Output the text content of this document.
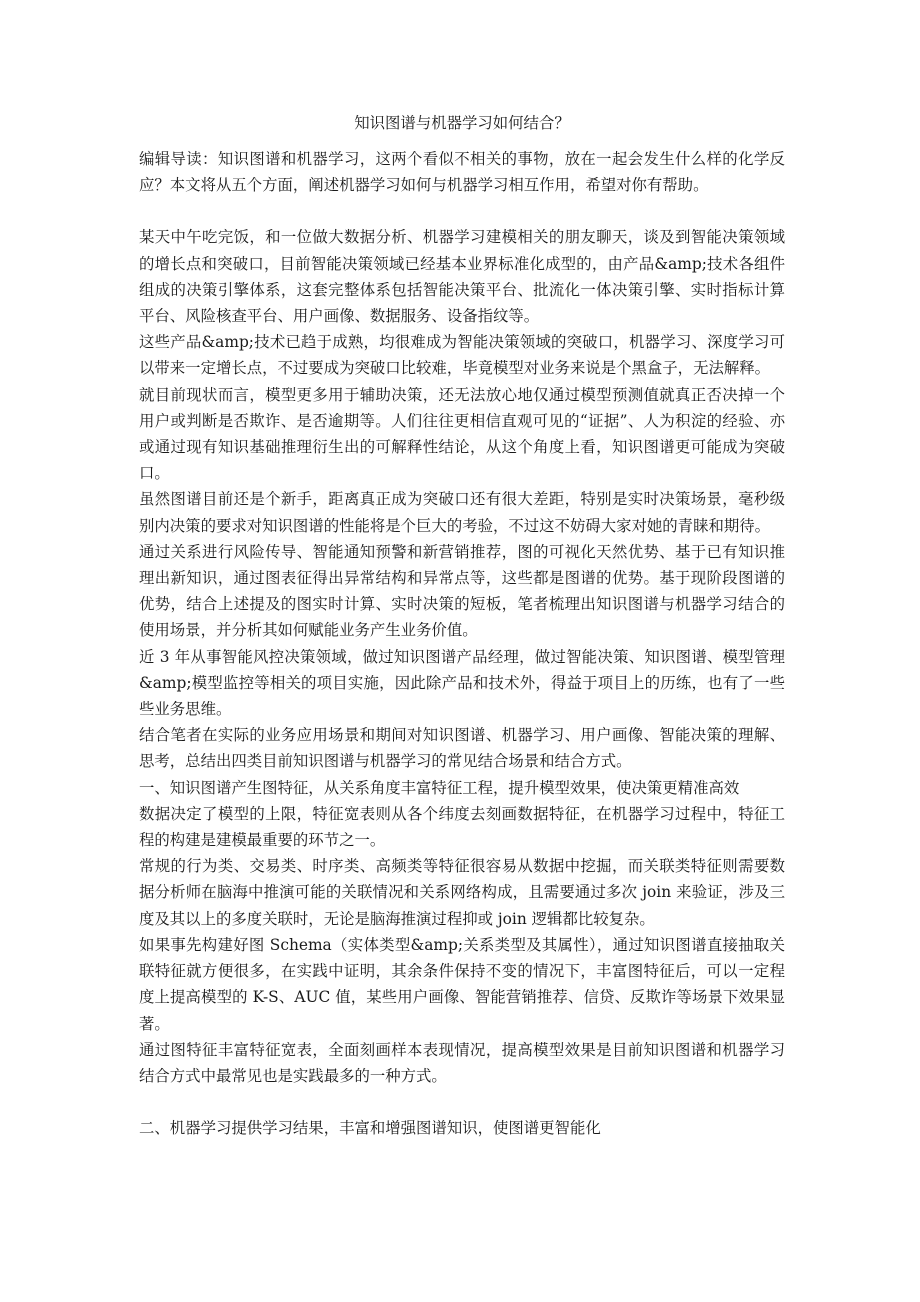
知识图谱与机器学习如何结合？

编辑导读：知识图谱和机器学习，这两个看似不相关的事物，放在一起会发生什么样的化学反应？本文将从五个方面，阐述机器学习如何与机器学习相互作用，希望对你有帮助。

某天中午吃完饭，和一位做大数据分析、机器学习建模相关的朋友聊天，谈及到智能决策领域的增长点和突破口，目前智能决策领域已经基本业界标准化成型的，由产品&amp;技术各组件组成的决策引擎体系，这套完整体系包括智能决策平台、批流化一体决策引擎、实时指标计算平台、风险核查平台、用户画像、数据服务、设备指纹等。

这些产品&amp;技术已趋于成熟，均很难成为智能决策领域的突破口，机器学习、深度学习可以带来一定增长点，不过要成为突破口比较难，毕竟模型对业务来说是个黑盒子，无法解释。

就目前现状而言，模型更多用于辅助决策，还无法放心地仅通过模型预测值就真正否决掉一个用户或判断是否欺诈、是否逾期等。人们往往更相信直观可见的“证据”、人为积淀的经验、亦或通过现有知识基础推理衍生出的可解释性结论，从这个角度上看，知识图谱更可能成为突破口。

虽然图谱目前还是个新手，距离真正成为突破口还有很大差距，特别是实时决策场景，毫秒级别内决策的要求对知识图谱的性能将是个巨大的考验，不过这不妨碍大家对她的青睐和期待。

通过关系进行风险传导、智能通知预警和新营销推荐，图的可视化天然优势、基于已有知识推理出新知识，通过图表征得出异常结构和异常点等，这些都是图谱的优势。基于现阶段图谱的优势，结合上述提及的图实时计算、实时决策的短板，笔者梳理出知识图谱与机器学习结合的使用场景，并分析其如何赋能业务产生业务价值。

近 3 年从事智能风控决策领域，做过知识图谱产品经理，做过智能决策、知识图谱、模型管理&amp;模型监控等相关的项目实施，因此除产品和技术外，得益于项目上的历练，也有了一些些业务思维。

结合笔者在实际的业务应用场景和期间对知识图谱、机器学习、用户画像、智能决策的理解、思考，总结出四类目前知识图谱与机器学习的常见结合场景和结合方式。

一、知识图谱产生图特征，从关系角度丰富特征工程，提升模型效果，使决策更精准高效

数据决定了模型的上限，特征宽表则从各个纬度去刻画数据特征，在机器学习过程中，特征工程的构建是建模最重要的环节之一。

常规的行为类、交易类、时序类、高频类等特征很容易从数据中挖掘，而关联类特征则需要数据分析师在脑海中推演可能的关联情况和关系网络构成，且需要通过多次 join 来验证，涉及三度及其以上的多度关联时，无论是脑海推演过程抑或 join 逻辑都比较复杂。

如果事先构建好图 Schema（实体类型&amp;关系类型及其属性），通过知识图谱直接抽取关联特征就方便很多，在实践中证明，其余条件保持不变的情况下，丰富图特征后，可以一定程度上提高模型的 K-S、AUC 值，某些用户画像、智能营销推荐、信贷、反欺诈等场景下效果显著。

通过图特征丰富特征宽表，全面刻画样本表现情况，提高模型效果是目前知识图谱和机器学习结合方式中最常见也是实践最多的一种方式。

二、机器学习提供学习结果，丰富和增强图谱知识，使图谱更智能化
